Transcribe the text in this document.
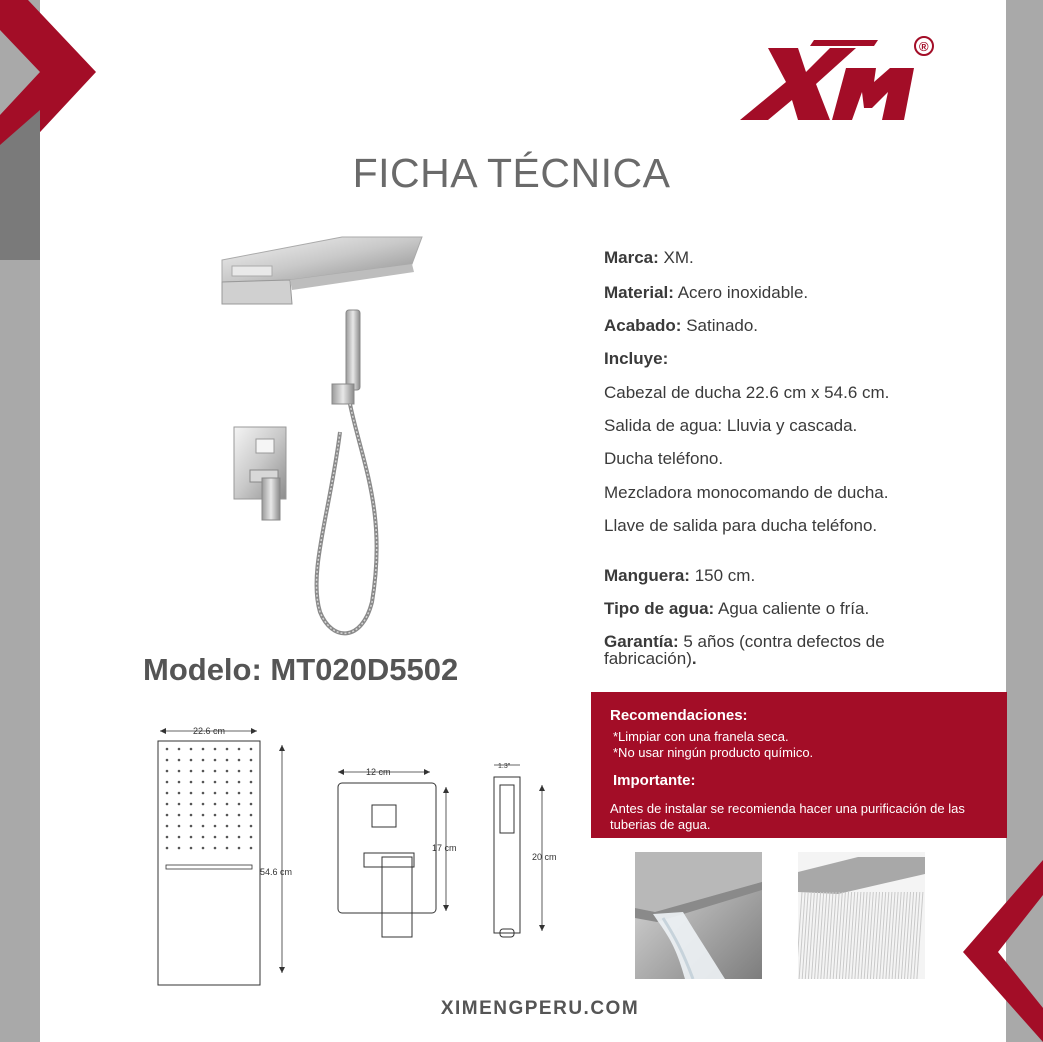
®
FICHA TÉCNICA
Modelo: MT020D5502
Marca: XM.
Material: Acero inoxidable.
Acabado: Satinado.
Incluye:
Cabezal de ducha 22.6 cm x 54.6 cm.
Salida de agua: Lluvia y cascada.
Ducha teléfono.
Mezcladora monocomando de ducha.
Llave de salida para ducha teléfono.
Manguera: 150 cm.
Tipo de agua: Agua caliente o fría.
Garantía: 5 años (contra defectos de fabricación).
Recomendaciones:
*Limpiar con una franela seca.
*No usar ningún producto químico.
Importante:
Antes de instalar se recomienda hacer una purificación de las tuberias de agua.
22.6 cm
54.6 cm
12 cm
17 cm
1.3"
20 cm
XIMENGPERU.COM
